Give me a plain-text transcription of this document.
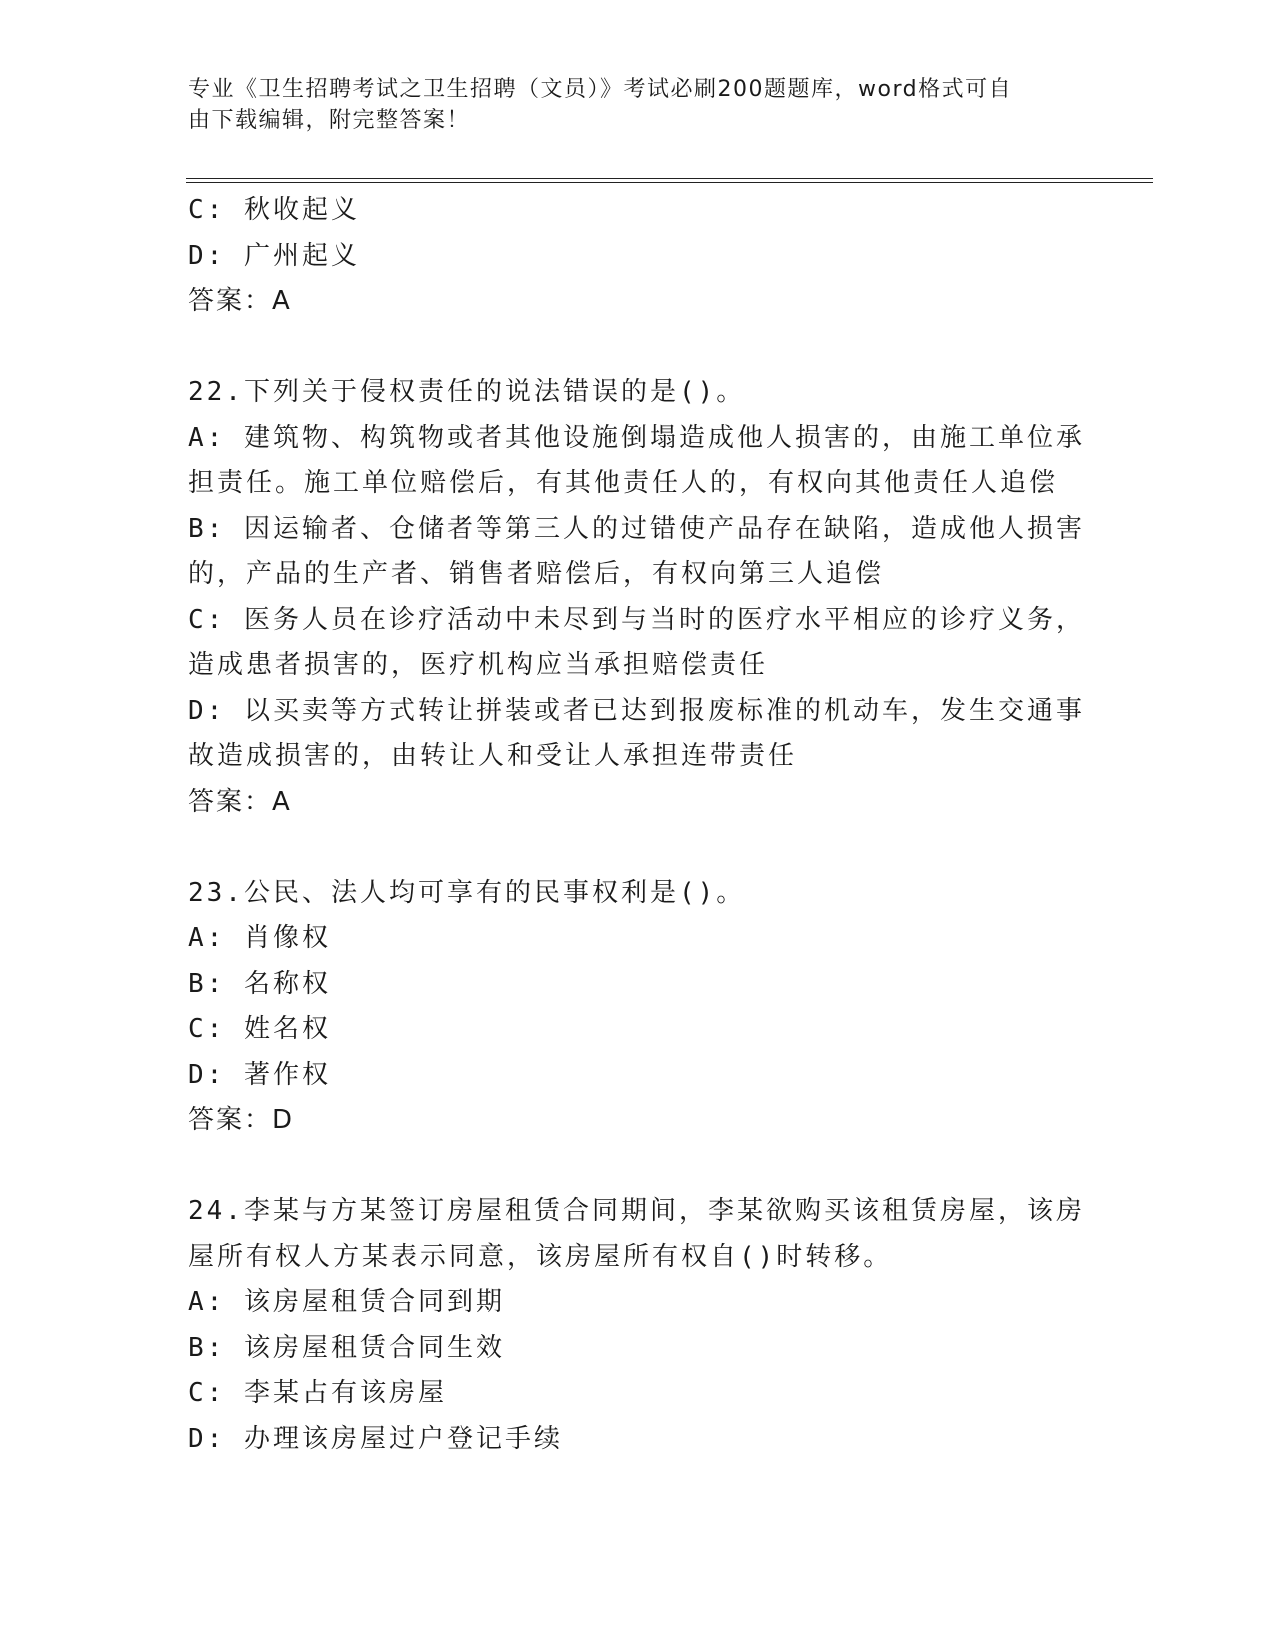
专业《卫生招聘考试之卫生招聘（文员）》考试必刷200题题库，word格式可自
由下载编辑，附完整答案！
C: 秋收起义
D: 广州起义
答案：A
22.下列关于侵权责任的说法错误的是()。
A: 建筑物、构筑物或者其他设施倒塌造成他人损害的，由施工单位承
担责任。施工单位赔偿后，有其他责任人的，有权向其他责任人追偿
B: 因运输者、仓储者等第三人的过错使产品存在缺陷，造成他人损害
的，产品的生产者、销售者赔偿后，有权向第三人追偿
C: 医务人员在诊疗活动中未尽到与当时的医疗水平相应的诊疗义务，
造成患者损害的，医疗机构应当承担赔偿责任
D: 以买卖等方式转让拼装或者已达到报废标准的机动车，发生交通事
故造成损害的，由转让人和受让人承担连带责任
答案：A
23.公民、法人均可享有的民事权利是()。
A: 肖像权
B: 名称权
C: 姓名权
D: 著作权
答案：D
24.李某与方某签订房屋租赁合同期间，李某欲购买该租赁房屋，该房
屋所有权人方某表示同意，该房屋所有权自()时转移。
A: 该房屋租赁合同到期
B: 该房屋租赁合同生效
C: 李某占有该房屋
D: 办理该房屋过户登记手续
